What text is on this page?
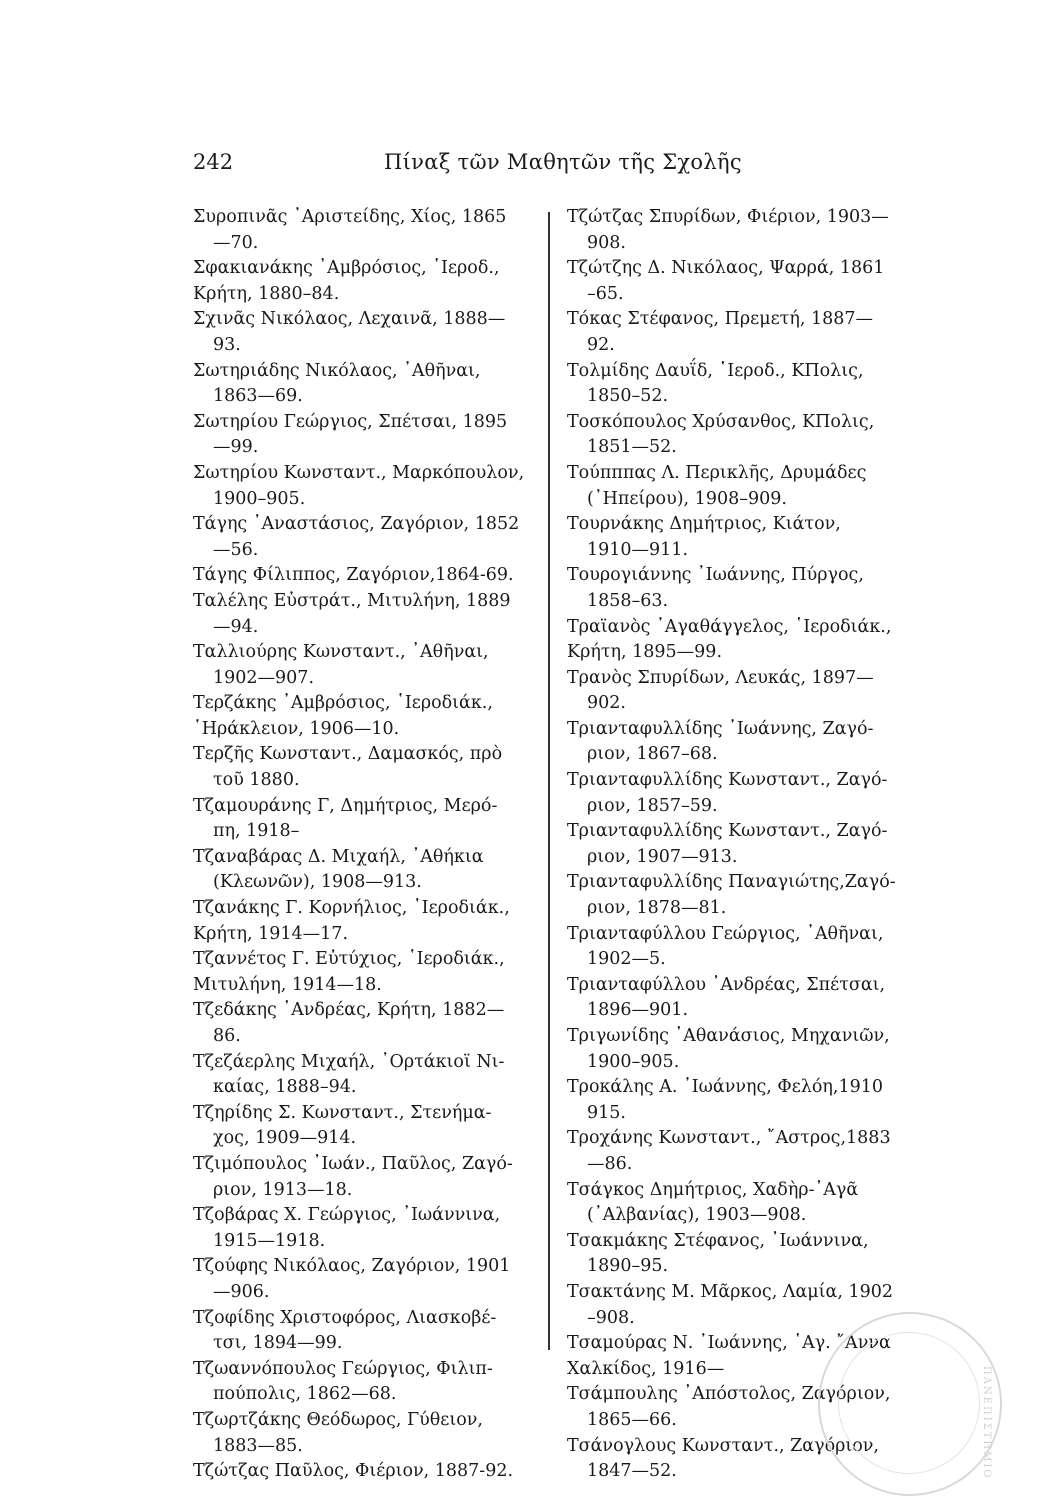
242	Πίναξ τῶν Μαθητῶν τῆς Σχολῆς
Συροπινᾶς ᾿Αριστείδης, Χίος, 1865
—70.
Σφακιανάκης ᾿Αμβρόσιος, ῾Ιεροδ.,
Κρήτη, 1880–84.
Σχινᾶς Νικόλαος, Λεχαινᾶ, 1888—
93.
Σωτηριάδης Νικόλαος, ᾿Αθῆναι,
1863—69.
Σωτηρίου Γεώργιος, Σπέτσαι, 1895
—99.
Σωτηρίου Κωνσταντ., Μαρκόπουλον,
1900–905.
Τάγης ᾿Αναστάσιος, Ζαγόριον, 1852
—56.
Τάγης Φίλιππος, Ζαγόριον,1864-69.
Ταλέλης Εὐστράτ., Μιτυλήνη, 1889
—94.
Ταλλιούρης Κωνσταντ., ᾿Αθῆναι,
1902—907.
Τερζάκης ᾿Αμβρόσιος, ῾Ιεροδιάκ.,
῾Ηράκλειον, 1906—10.
Τερζῆς Κωνσταντ., Δαμασκός, πρὸ
τοῦ 1880.
Τζαμουράνης Γ, Δημήτριος, Μερό-
πη, 1918–
Τζαναβάρας Δ. Μιχαήλ, ᾿Αθήκια
(Κλεωνῶν), 1908—913.
Τζανάκης Γ. Κορνήλιος, ῾Ιεροδιάκ.,
Κρήτη, 1914—17.
Τζαννέτος Γ. Εὐτύχιος, ῾Ιεροδιάκ.,
Μιτυλήνη, 1914—18.
Τζεδάκης ᾿Ανδρέας, Κρήτη, 1882—
86.
Τζεζάερλης Μιχαήλ, ᾿Ορτάκιοϊ Νι-
καίας, 1888–94.
Τζηρίδης Σ. Κωνσταντ., Στενήμα-
χος, 1909—914.
Τζιμόπουλος ᾿Ιωάν., Παῦλος, Ζαγό-
ριον, 1913—18.
Τζοβάρας Χ. Γεώργιος, ᾿Ιωάννινα,
1915—1918.
Τζούφης Νικόλαος, Ζαγόριον, 1901
—906.
Τζοφίδης Χριστοφόρος, Λιασκοβέ-
τσι, 1894—99.
Τζωαννόπουλος Γεώργιος, Φιλιπ-
πούπολις, 1862—68.
Τζωρτζάκης Θεόδωρος, Γύθειον,
1883—85.
Τζώτζας Παῦλος, Φιέριον, 1887-92.
Τζώτζας Σπυρίδων, Φιέριον, 1903—
908.
Τζώτζης Δ. Νικόλαος, Ψαρρά, 1861
–65.
Τόκας Στέφανος, Πρεμετή, 1887—
92.
Τολμίδης Δαυΐδ, ῾Ιεροδ., ΚΠολις,
1850–52.
Τοσκόπουλος Χρύσανθος, ΚΠολις,
1851—52.
Τούπππας Λ. Περικλῆς, Δρυμάδες
(᾿Ηπείρου), 1908–909.
Τουρνάκης Δημήτριος, Κιάτον,
1910—911.
Τουρογιάννης ᾿Ιωάννης, Πύργος,
1858–63.
Τραϊανὸς ᾿Αγαθάγγελος, ῾Ιεροδιάκ.,
Κρήτη, 1895—99.
Τρανὸς Σπυρίδων, Λευκάς, 1897—
902.
Τριανταφυλλίδης ᾿Ιωάννης, Ζαγό-
ριον, 1867–68.
Τριανταφυλλίδης Κωνσταντ., Ζαγό-
ριον, 1857–59.
Τριανταφυλλίδης Κωνσταντ., Ζαγό-
ριον, 1907—913.
Τριανταφυλλίδης Παναγιώτης,Ζαγό-
ριον, 1878—81.
Τριανταφύλλου Γεώργιος, ᾿Αθῆναι,
1902—5.
Τριανταφύλλου ᾿Ανδρέας, Σπέτσαι,
1896—901.
Τριγωνίδης ᾿Αθανάσιος, Μηχανιῶν,
1900–905.
Τροκάλης Α. ᾿Ιωάννης, Φελόη,1910
915.
Τροχάνης Κωνσταντ., ῎Αστρος,1883
—86.
Τσάγκος Δημήτριος, Χαδὴρ-᾿Αγᾶ
(᾿Αλβανίας), 1903—908.
Τσακμάκης Στέφανος, ᾿Ιωάννινα,
1890–95.
Τσακτάνης Μ. Μᾶρκος, Λαμία, 1902
–908.
Τσαμούρας Ν. ᾿Ιωάννης, ῾Αγ. ῎Αννα
Χαλκίδος, 1916—
Τσάμπουλης ᾿Απόστολος, Ζαγόριον,
1865—66.
Τσάνογλους Κωνσταντ., Ζαγόριον,
1847—52.	ΠΑΝΕΠΙΣΤΗΜΙΟ
